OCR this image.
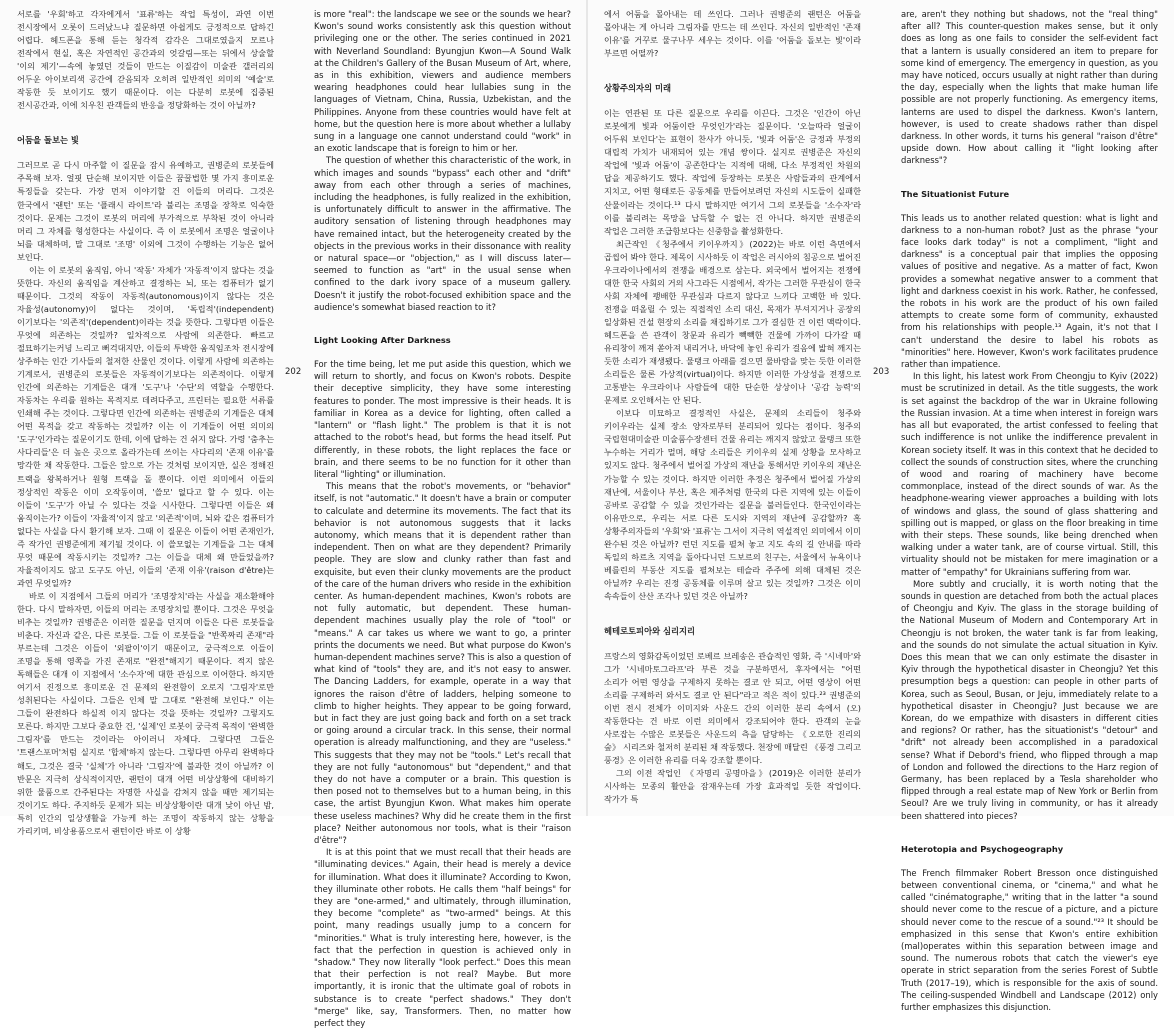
서로를 '우회'하고 각자에게서 '표류'하는 작업 특성이, 과연 이번 전시장에서 오롯이 드러났느냐 질문하면 아쉽게도 긍정적으로 답하긴 어렵다. 헤드폰을 통해 듣는 청각적 감각은 그대로였을지 모르나 전작에서 현실, 혹은 자연적인 공간과의 엇갈림—또는 뒤에서 상술할 '이의 제기'—속에 놓였던 것들이 만드는 이질감이 미술관 갤러리의 어두운 아이보리색 공간에 갇음되자 오히려 일반적인 의미의 '예술'로 작동한 듯 보이기도 했기 때문이다. 이는 다분히 로봇에 집중된 전시공간과, 이에 치우친 관객들의 반응을 정당화하는 것이 아닐까?

어둠을 돌보는 빛

그러므로 곧 다시 마주할 이 질문을 잠시 유예하고, 권병준의 로봇들에 주목해 보자. 얼핏 단순해 보이지만 이들은 꿈꿀법한 몇 가지 흥미로운 특징들을 갖는다. 가장 먼저 이야기할 건 이들의 머리다. 그것은 한국에서 '랜턴' 또는 '플래시 라이트'라 불리는 조명을 장착로 익숙한 것이다. 문제는 그것이 로봇의 머리에 부가적으로 부착된 것이 아니라 머리 그 자체를 형성한다는 사실이다. 즉 이 로봇에서 조명은 얼굴이나 뇌를 대체하며, 말 그대로 '조명' 이외에 그것이 수행하는 기능은 없어 보인다.

이는 이 로봇의 움직임, 아니 '작동' 자체가 '자동적'이지 않다는 것을 뜻한다. 자신의 움직임을 계산하고 결정하는 뇌, 또는 컴퓨터가 없기 때문이다. 그것의 작동이 자동적(autonomous)이지 않다는 것은 자율성(autonomy)이 없다는 것이며, '독립적'(independent)이기보다는 '의존적'(dependent)이라는 것을 뜻한다. 그렇다면 이들은 무엇에 의존하는 것일까? 일차적으로 사람에 의존한다. 빠르고 절묘하기는커녕 느리고 뻐걱대지만, 이들의 투박한 움직임조차 전시장에 상주하는 인간 기사들의 철저한 산물인 것이다. 이렇게 사람에 의존하는 기계로서, 권병준의 로봇들은 자동적이기보다는 의존적이다. 이렇게 인간에 의존하는 기계들은 대개 '도구'나 '수단'의 역할을 수행한다. 자동차는 우리를 원하는 목적지로 데려다주고, 프린터는 필요한 서류를 인쇄해 주는 것이다. 그렇다면 인간에 의존하는 권병준의 기계들은 대체 어떤 목적을 갖고 작동하는 것일까? 이는 이 기계들이 어떤 의미의 '도구'인가라는 질문이기도 한데, 이에 답하는 건 쉬지 않다. 가령 '춤추는 사다리들'은 더 높은 곳으로 올라가는데 쓰이는 사다리의 '존재 이유'를 망각한 채 작동한다. 그들은 앞으로 가는 것처럼 보이지만, 실은 정해진 트랙을 왕복하거나 원형 트랙을 돌 뿐이다. 이런 의미에서 이들의 정상적인 작동은 이미 오작동이며, '쓸모' 없다고 할 수 있다. 이는 이들이 '도구'가 아닐 수 있다는 것을 시사한다. 그렇다면 이들은 왜 움직이는가? 이들이 '자율적'이지 않고 '의존적'이며, 뇌와 같은 컴퓨터가 없다는 사실을 다시 환기해 보자. 그때 이 질문은 이들이 어떤 존재인가, 즉 작가인 권병준에게 제기될 것이다. 이 쓸모없는 기계들을 그는 대체 무엇 때문에 작동시키는 것일까? 그는 이들을 대체 왜 만들었을까? 자율적이지도 않고 도구도 아닌, 이들의 '존재 이유'(raison d'être)는 과연 무엇일까?

바로 이 지점에서 그들의 머리가 '조명장치'라는 사실을 재소환해야 한다. 다시 말하자면, 이들의 머리는 조명장치일 뿐이다. 그것은 무엇을 비추는 것일까? 권병준은 이러한 질문을 던지며 이들은 다른 로봇들을 비춘다. 자신과 같은, 다른 로봇들. 그들 이 로봇들을 "반쪽짜리 존재"라 부르는데 그것은 이들이 '외팔이'이기 때문이고, 궁극적으로 이들이 조명을 통해 영쪽을 가진 존재로 "완전"해지기 때문이다. 적지 않은 독해들은 대개 이 지점에서 '소수자'에 대한 관심으로 이어한다. 하지만 여기서 진정으로 흥미로운 건 문제의 완전함이 오로지 '그림자'로만 성취된다는 사실이다. 그들은 인체 말 그대로 "완전해 보인다." 이는 그들이 완전하다 하실적 이지 않다는 것을 뜻하는 것일까? 그렇지도 모른다. 하지만 그보다 중요한 건, '실제'인 로봇이 궁극적 목적이 '완벽한 그림자'를 만드는 것이라는 아이러니 자체다. 그렇다면 그들은 '트랜스포머'처럼 실지로 '합체'하지 않는다. 그렇다면 아무리 완벽하다 해도, 그것은 결국 '실체'가 아니라 '그림자'에 불과한 것이 아닐까? 이 반문은 지극히 상식적이지만, 랜턴이 대개 어떤 비상상황에 대비하기 위한 물품으로 간주된다는 자명한 사실을 감쳐지 않을 때만 제기되는 것이기도 하다. 주지하듯 문제가 되는 비상상황이란 대개 낮이 아닌 밤, 특히 인간의 일상생활을 가능케 하는 조명이 작동하지 않는 상황을 가리키며, 비상용품으로서 랜턴이란 바로 이 상황

202

is more "real": the landscape we see or the sounds we hear? Kwon's sound works consistently ask this question without privileging one or the other. The series continued in 2021 with Neverland Soundland: Byungjun Kwon—A Sound Walk at the Children's Gallery of the Busan Museum of Art, where, as in this exhibition, viewers and audience members wearing headphones could hear lullabies sung in the languages of Vietnam, China, Russia, Uzbekistan, and the Philippines. Anyone from these countries would have felt at home, but the question here is more about whether a lullaby sung in a language one cannot understand could "work" in an exotic landscape that is foreign to him or her.

The question of whether this characteristic of the work, in which images and sounds "bypass" each other and "drift" away from each other through a series of machines, including the headphones, is fully realized in the exhibition, is unfortunately difficult to answer in the affirmative. The auditory sensation of listening through headphones may have remained intact, but the heterogeneity created by the objects in the previous works in their dissonance with reality or natural space—or "objection," as I will discuss later—seemed to function as "art" in the usual sense when confined to the dark ivory space of a museum gallery. Doesn't it justify the robot-focused exhibition space and the audience's somewhat biased reaction to it?

Light Looking After Darkness

For the time being, let me put aside this question, which we will return to shortly, and focus on Kwon's robots. Despite their deceptive simplicity, they have some interesting features to ponder. The most impressive is their heads. It is familiar in Korea as a device for lighting, often called a "lantern" or "flash light." The problem is that it is not attached to the robot's head, but forms the head itself. Put differently, in these robots, the light replaces the face or brain, and there seems to be no function for it other than literal "lighting" or illumination.

This means that the robot's movements, or "behavior" itself, is not "automatic." It doesn't have a brain or computer to calculate and determine its movements. The fact that its behavior is not autonomous suggests that it lacks autonomy, which means that it is dependent rather than independent. Then on what are they dependent? Primarily people. They are slow and clunky rather than fast and exquisite, but even their clunky movements are the product of the care of the human drivers who reside in the exhibition center. As human-dependent machines, Kwon's robots are not fully automatic, but dependent. These human-dependent machines usually play the role of "tool" or "means." A car takes us where we want to go, a printer prints the documents we need. But what purpose do Kwon's human-dependent machines serve? This is also a question of what kind of "tools" they are, and it's not easy to answer. The Dancing Ladders, for example, operate in a way that ignores the raison d'être of ladders, helping someone to climb to higher heights. They appear to be going forward, but in fact they are just going back and forth on a set track or going around a circular track. In this sense, their normal operation is already malfunctioning, and they are "useless." This suggests that they may not be "tools." Let's recall that they are not fully "autonomous" but "dependent," and that they do not have a computer or a brain. This question is then posed not to themselves but to a human being, in this case, the artist Byungjun Kwon. What makes him operate these useless machines? Why did he create them in the first place? Neither autonomous nor tools, what is their "raison d'être"?

It is at this point that we must recall that their heads are "illuminating devices." Again, their head is merely a device for illumination. What does it illuminate? According to Kwon, they illuminate other robots. He calls them "half beings" for they are "one-armed," and ultimately, through illumination, they become "complete" as "two-armed" beings. At this point, many readings usually jump to a concern for "minorities." What is truly interesting here, however, is the fact that the perfection in question is achieved only in "shadow." They now literally "look perfect." Does this mean that their perfection is not real? Maybe. But more importantly, it is ironic that the ultimate goal of robots in substance is to create "perfect shadows." They don't "merge" like, say, Transformers. Then, no matter how perfect they

에서 어둠을 몰아내는 데 쓰인다. 그러나 권병준의 랜턴은 어둠을 몰아내는 게 아니라 그림자를 만드는 데 쓰인다. 자신의 일반적인 '존재 이유'를 거꾸로 물구나무 세우는 것이다. 이를 '어둠을 돌보는 빛'이라 부르면 어떨까?

상황주의자의 미래

이는 연관된 또 다른 질문으로 우리를 이끈다. 그것은 '인간이 아닌 로봇에게 빛과 어둠이란 무엇인가'라는 질문이다. '오늘따라 얼굴이 어두워 보인다'는 표현이 찬사가 아니듯, '빛과 어둠'은 긍정과 부정의 대립적 가치가 내재되어 있는 개념 쌍이다. 실지로 권병준은 자신의 작업에 '빛과 어둠'이 공존한다'는 지적에 대해, 다소 부정적인 차원의 답을 제공하기도 했다. 작업에 등장하는 로봇은 사람들과의 관계에서 지치고, 어떤 형태로든 공동체를 만들어보려던 자신의 시도들이 실패한 산물이라는 것이다.¹³ 다시 말하지만 여기서 그의 로봇들을 '소수자'라 이를 불리려는 목망을 납득할 수 없는 건 아니다. 하지만 권병준의 작업은 그러한 조급함보다는 신중함을 촬성화한다.

최근작인 《청주에서 키이우까지》(2022)는 바로 이런 측면에서 곱씹어 봐야 한다. 제목이 시사하듯 이 작업은 러시아의 침공으로 벌어진 우크라이나에서의 전쟁을 배경으로 삼는다. 외국에서 벌어지는 전쟁에 대한 한국 사회의 거의 사그라든 시점에서, 작가는 그러한 무관심이 한국 사회 자체에 팽배한 무관심과 다르지 않다고 느끼다 고백한 바 있다. 전쟁을 떠올릴 수 있는 직접적인 소리 대신, 목재가 부셔지거나 공장의 일상화된 건설 현장의 소리를 채집하기로 그가 결심한 건 이런 맥락이다. 헤드폰을 쓴 관객이 창문과 유리가 빽빽한 건물에 가까이 다가갈 때 유리창이 깨져 쏟아져 내리거나, 바닥에 놓인 유리가 걸음에 밟혀 깨지는 듯한 소리가 재생됐다. 물탱크 아래를 걸으면 물바람을 맞는 듯한 이러한 소리들은 물론 가상적(virtual)이다. 하지만 이러한 가상성을 전쟁으로 고통받는 우크라이나 사람들에 대한 단순한 상상이나 '공감 능력'의 문제로 오인해서는 안 된다.

이보다 미묘하고 결정적인 사실은, 문제의 소리들이 청주와 키이우라는 실제 장소 양자로부터 분리되어 있다는 점이다. 청주의 국립현대미술관 미술품수장센터 건물 유리는 깨지지 않았고 물탱크 또한 누수하는 거리가 멀며, 해당 소리들은 키이우의 실제 상황을 모사하고 있지도 않다. 청주에서 벌어질 가상의 재난을 통해서만 키이우의 재난은 가능할 수 있는 것이다. 하지만 이러한 추정은 청주에서 벌어질 가상의 재난에, 서울이나 부산, 혹은 제주처럼 한국의 다른 지역에 있는 이들이 공바로 공감할 수 있을 것인가라는 질문을 불러들인다. 한국인이라는 이유만으로, 우리는 서로 다른 도시와 지역의 재난에 공감할까? 혹 상황주의자들의 '우회'와 '표류'는 그서이 지극히 역설적인 의미에서 이미 완수된 것은 아닐까? 런던 지도를 펼쳐 놓고 지도 속의 길 안내를 따라 독일의 하르츠 지역을 돌아다니던 드보르의 친구는, 서울에서 뉴욕이나 베를린의 부동산 지도를 펼쳐보는 테슬라 주주에 의해 대체된 것은 아닐까? 우리는 진정 공동체를 이루며 살고 있는 것일까? 그것은 이미 속속들이 산산 조각나 있던 것은 아닐까?

헤테로토피아와 심리지리

프랑스의 영화감독이었던 로베르 브레송은 관습적인 영화, 즉 '시네마'와 그가 '시네마토그라프'라 부른 것을 구분하면서, 후자에서는 "어떤 소리가 어떤 영상을 구제하지 못하는 결코 안 되고, 어떤 영상이 어떤 소리를 구제하러 와서도 결코 안 된다"라고 적은 적이 있다.²³ 권병준의 이번 전시 전체가 이미지와 사운드 간의 이러한 분리 속에서 (오)작동한다는 건 바로 이런 의미에서 강조되어야 한다. 관객의 눈을 사로잡는 수많은 로봇들은 사운드의 측을 담당하는 《오로한 진리의 숲》 시리즈와 철저히 분리된 채 작동했다. 천장에 매달린 《풍경 그리고 풍경》은 이러한 유리를 더욱 강조할 뿐이다.

그의 이전 작업인 《자명리 공명마을》(2019)은 이러한 분리가 시사하는 모종의 활안을 잠재우는데 가장 효과적일 듯한 작업이다. 작가가 특

203

are, aren't they nothing but shadows, not the "real thing" after all? This counter-question makes sense, but it only does as long as one fails to consider the self-evident fact that a lantern is usually considered an item to prepare for some kind of emergency. The emergency in question, as you may have noticed, occurs usually at night rather than during the day, especially when the lights that make human life possible are not properly functioning. As emergency items, lanterns are used to dispel the darkness. Kwon's lantern, however, is used to create shadows rather than dispel darkness. In other words, it turns his general "raison d'être" upside down. How about calling it "light looking after darkness"?

The Situationist Future

This leads us to another related question: what is light and darkness to a non-human robot? Just as the phrase "your face looks dark today" is not a compliment, "light and darkness" is a conceptual pair that implies the opposing values of positive and negative. As a matter of fact, Kwon provides a somewhat negative answer to a comment that light and darkness coexist in his work. Rather, he confessed, the robots in his work are the product of his own failed attempts to create some form of community, exhausted from his relationships with people.¹³ Again, it's not that I can't understand the desire to label his robots as "minorities" here. However, Kwon's work facilitates prudence rather than impatience.

In this light, his latest work From Cheongju to Kyiv (2022) must be scrutinized in detail. As the title suggests, the work is set against the backdrop of the war in Ukraine following the Russian invasion. At a time when interest in foreign wars has all but evaporated, the artist confessed to feeling that such indifference is not unlike the indifference prevalent in Korean society itself. It was in this context that he decided to collect the sounds of construction sites, where the crunching of wood and roaring of machinery have become commonplace, instead of the direct sounds of war. As the headphone-wearing viewer approaches a building with lots of windows and glass, the sound of glass shattering and spilling out is mapped, or glass on the floor breaking in time with their steps. These sounds, like being drenched when walking under a water tank, are of course virtual. Still, this virtuality should not be mistaken for mere imagination or a matter of "empathy" for Ukrainians suffering from war.

More subtly and crucially, it is worth noting that the sounds in question are detached from both the actual places of Cheongju and Kyiv. The glass in the storage building of the National Museum of Modern and Contemporary Art in Cheongju is not broken, the water tank is far from leaking, and the sounds do not simulate the actual situation in Kyiv. Does this mean that we can only estimate the disaster in Kyiv through the hypothetical disaster in Cheongju? Yet this presumption begs a question: can people in other parts of Korea, such as Seoul, Busan, or Jeju, immediately relate to a hypothetical disaster in Cheongju? Just because we are Korean, do we empathize with disasters in different cities and regions? Or rather, has the situationist's "detour" and "drift" not already been accomplished in a paradoxical sense? What if Debord's friend, who flipped through a map of London and followed the directions to the Harz region of Germany, has been replaced by a Tesla shareholder who flipped through a real estate map of New York or Berlin from Seoul? Are we truly living in community, or has it already been shattered into pieces?

Heterotopia and Psychogeography

The French filmmaker Robert Bresson once distinguished between conventional cinema, or "cinema," and what he called "cinématographe," writing that in the latter "a sound should never come to the rescue of a picture, and a picture should never come to the rescue of a sound."²³ It should be emphasized in this sense that Kwon's entire exhibition (mal)operates within this separation between image and sound. The numerous robots that catch the viewer's eye operate in strict separation from the series Forest of Subtle Truth (2017–19), which is responsible for the axis of sound. The ceiling-suspended Windbell and Landscape (2012) only further emphasizes this disjunction.
